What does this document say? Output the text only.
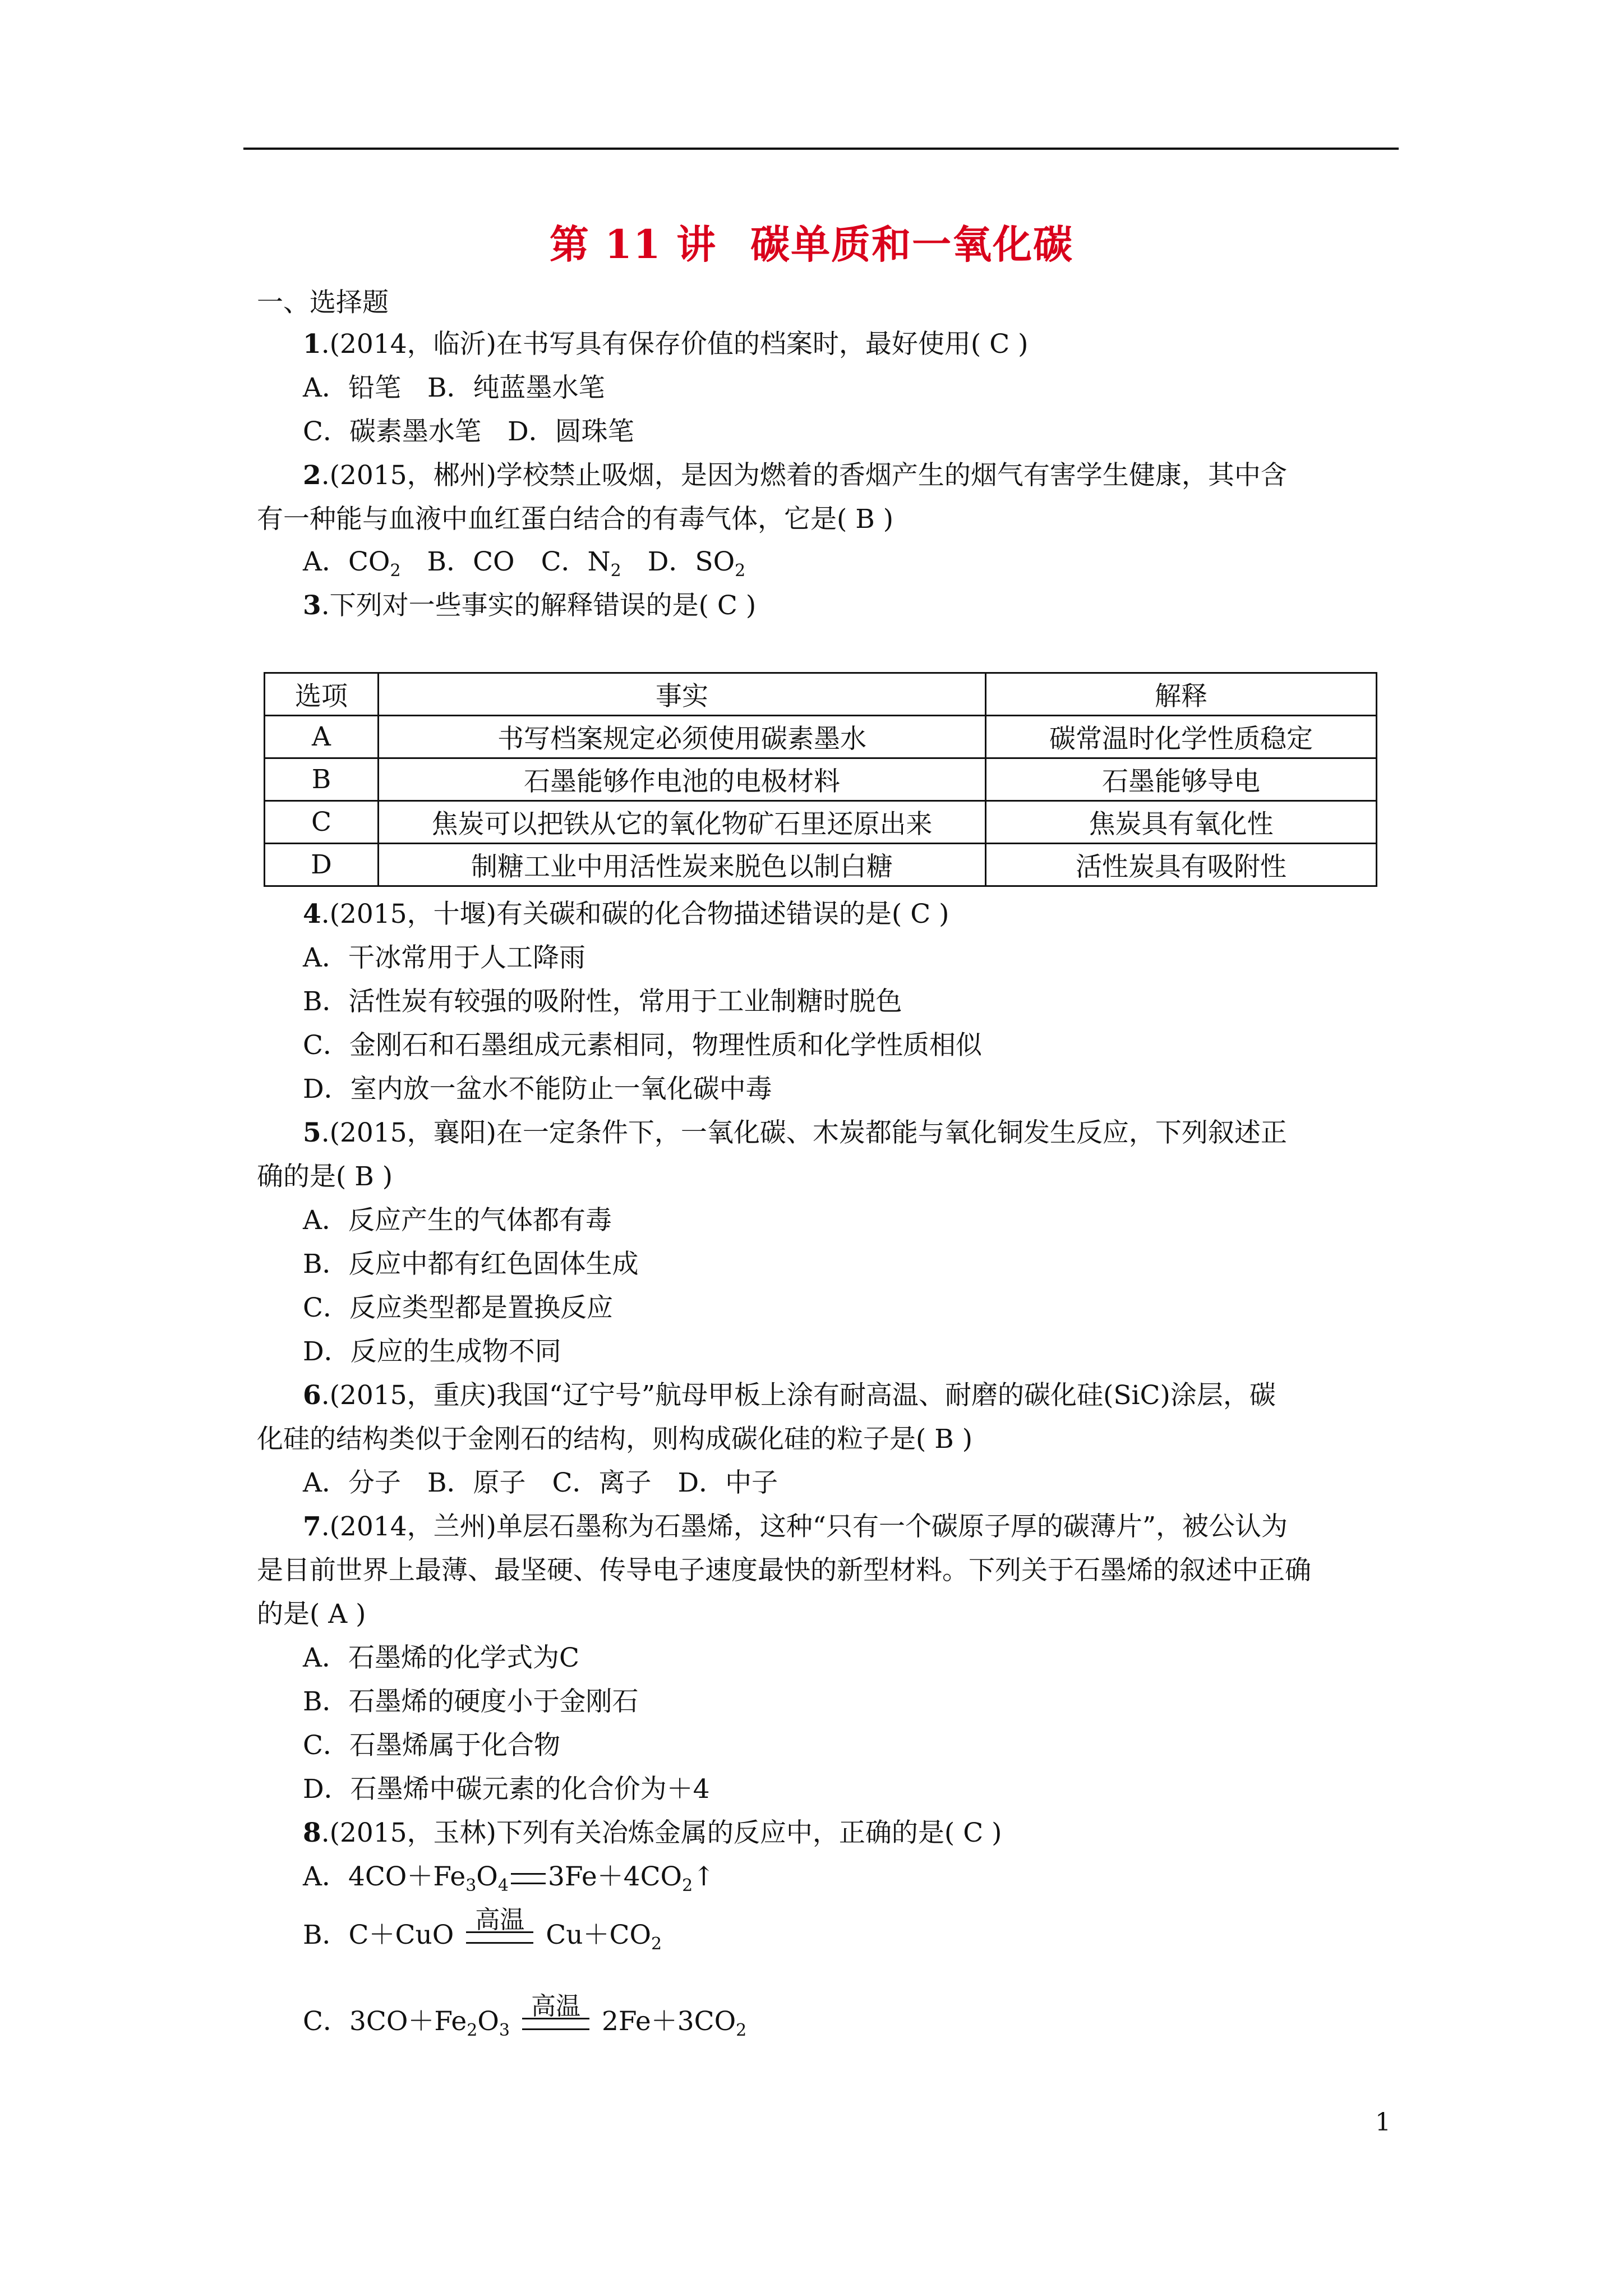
第 11 讲 碳单质和一氧化碳
一、选择题
1.(2014，临沂)在书写具有保存价值的档案时，最好使用( C )
A．铅笔　B．纯蓝墨水笔
C．碳素墨水笔　D．圆珠笔
2.(2015，郴州)学校禁止吸烟，是因为燃着的香烟产生的烟气有害学生健康，其中含
有一种能与血液中血红蛋白结合的有毒气体，它是( B )
A．$CO_2$　B．CO　C．$N_2$　D．$SO_2$
3.下列对一些事实的解释错误的是( C )
选项	事实	解释
A	书写档案规定必须使用碳素墨水	碳常温时化学性质稳定
B	石墨能够作电池的电极材料	石墨能够导电
C	焦炭可以把铁从它的氧化物矿石里还原出来	焦炭具有氧化性
D	制糖工业中用活性炭来脱色以制白糖	活性炭具有吸附性
4.(2015，十堰)有关碳和碳的化合物描述错误的是( C )
A．干冰常用于人工降雨
B．活性炭有较强的吸附性，常用于工业制糖时脱色
C．金刚石和石墨组成元素相同，物理性质和化学性质相似
D．室内放一盆水不能防止一氧化碳中毒
5.(2015，襄阳)在一定条件下，一氧化碳、木炭都能与氧化铜发生反应，下列叙述正
确的是( B )
A．反应产生的气体都有毒
B．反应中都有红色固体生成
C．反应类型都是置换反应
D．反应的生成物不同
6.(2015，重庆)我国“辽宁号”航母甲板上涂有耐高温、耐磨的碳化硅(SiC)涂层，碳
化硅的结构类似于金刚石的结构，则构成碳化硅的粒子是( B )
A．分子　B．原子　C．离子　D．中子
7.(2014，兰州)单层石墨称为石墨烯，这种“只有一个碳原子厚的碳薄片”，被公认为
是目前世界上最薄、最坚硬、传导电子速度最快的新型材料。下列关于石墨烯的叙述中正确
的是( A )
A．石墨烯的化学式为C
B．石墨烯的硬度小于金刚石
C．石墨烯属于化合物
D．石墨烯中碳元素的化合价为＋4
8.(2015，玉林)下列有关冶炼金属的反应中，正确的是( C )
A．$4CO+Fe_3O_4$ $3Fe+4CO_2↑$
B．C＋CuO 高温 $Cu+CO_2$
C．$3CO+Fe_2O_3$
高温 $2Fe+3CO_2$
1
